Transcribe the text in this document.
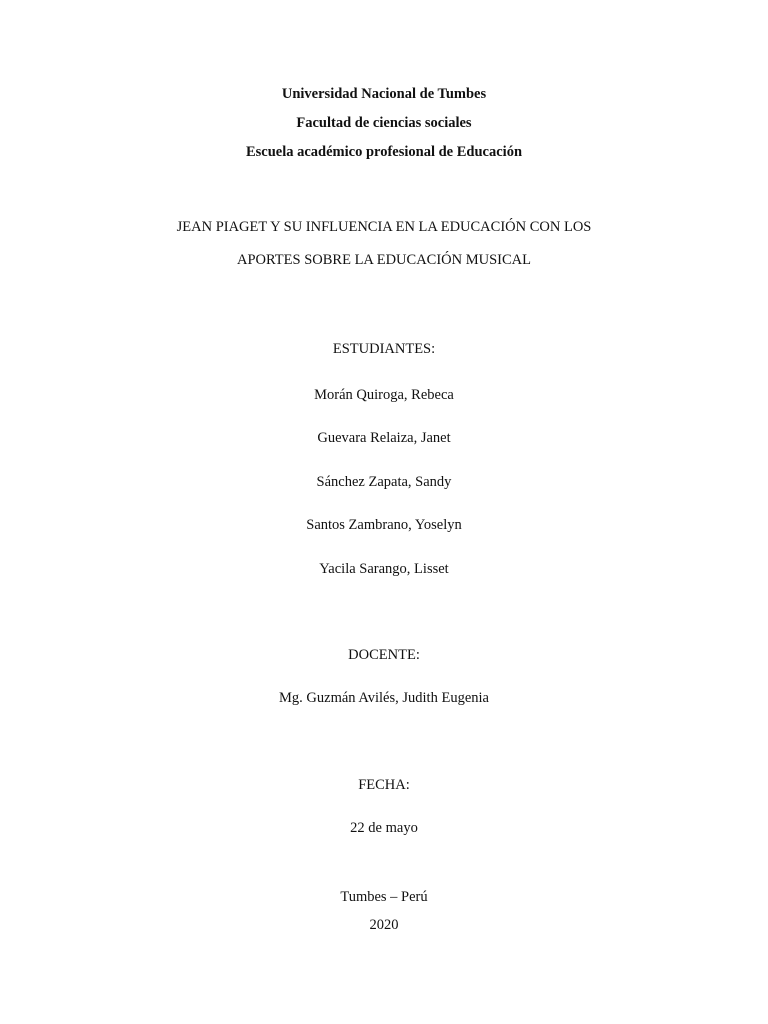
Universidad Nacional de Tumbes
Facultad de ciencias sociales
Escuela académico profesional de Educación
JEAN PIAGET Y SU INFLUENCIA EN LA EDUCACIÓN CON LOS
APORTES SOBRE LA EDUCACIÓN MUSICAL
ESTUDIANTES:
Morán Quiroga, Rebeca
Guevara Relaiza, Janet
Sánchez Zapata, Sandy
Santos Zambrano, Yoselyn
Yacila Sarango, Lisset
DOCENTE:
Mg. Guzmán Avilés, Judith Eugenia
FECHA:
22 de mayo
Tumbes – Perú
2020
